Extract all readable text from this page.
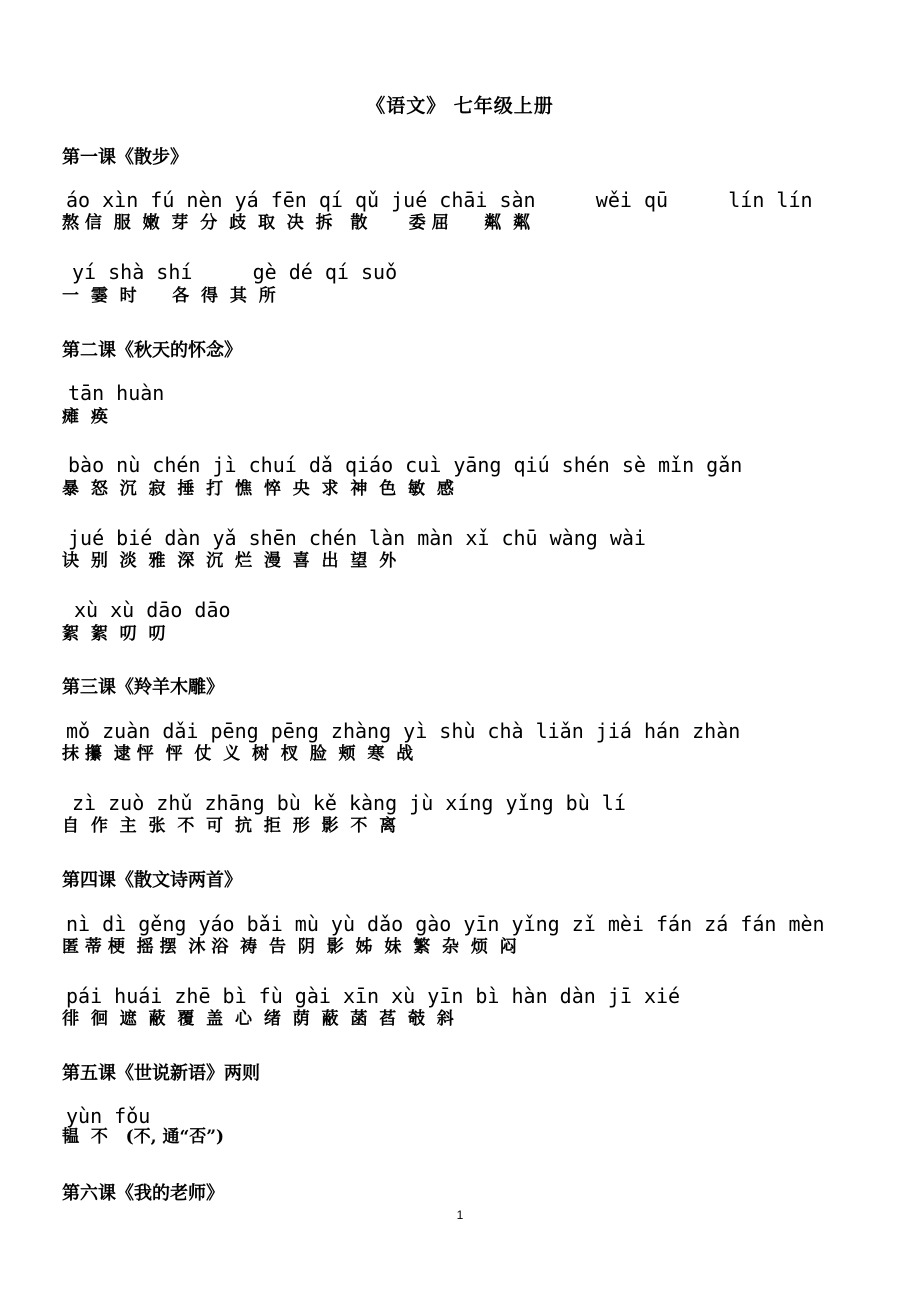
《语文》 七年级上册
第一课《散步》
áo xìn fú nèn yá fēn qí qǔ jué chāi sàn     wěi qū     lín lín
熬 信  服  嫩  芽  分  歧  取  决  拆   散       委 屈      粼  粼
yí shà shí     gè dé qí suǒ
一  霎  时      各  得  其  所
第二课《秋天的怀念》
tān huàn
瘫  痪
bào nù chén jì chuí dǎ qiáo cuì yāng qiú shén sè mǐn gǎn
暴  怒  沉  寂  捶  打  憔  悴  央  求  神  色  敏  感
jué bié dàn yǎ shēn chén làn màn xǐ chū wàng wài
诀  别  淡  雅  深  沉  烂  漫  喜  出  望  外
xù xù dāo dāo
絮  絮  叨  叨
第三课《羚羊木雕》
mǒ zuàn dǎi pēng pēng zhàng yì shù chà liǎn jiá hán zhàn
抹 攥  逮 怦  怦  仗  义  树  杈  脸  颊  寒  战
zì zuò zhǔ zhāng bù kě kàng jù xíng yǐng bù lí
自  作  主  张  不  可  抗  拒  形  影  不  离
第四课《散文诗两首》
nì dì gěng yáo bǎi mù yù dǎo gào yīn yǐng zǐ mèi fán zá fán mèn
匿 蒂 梗  摇 摆  沐 浴  祷  告  阴  影  姊  妹  繁  杂  烦  闷
pái huái zhē bì fù gài xīn xù yīn bì hàn dàn jī xié
徘  徊  遮  蔽  覆  盖  心  绪  荫  蔽  菡  萏  攲  斜
第五课《世说新语》两则
yùn fǒu
韫  不   (不, 通“否”)
第六课《我的老师》
1
